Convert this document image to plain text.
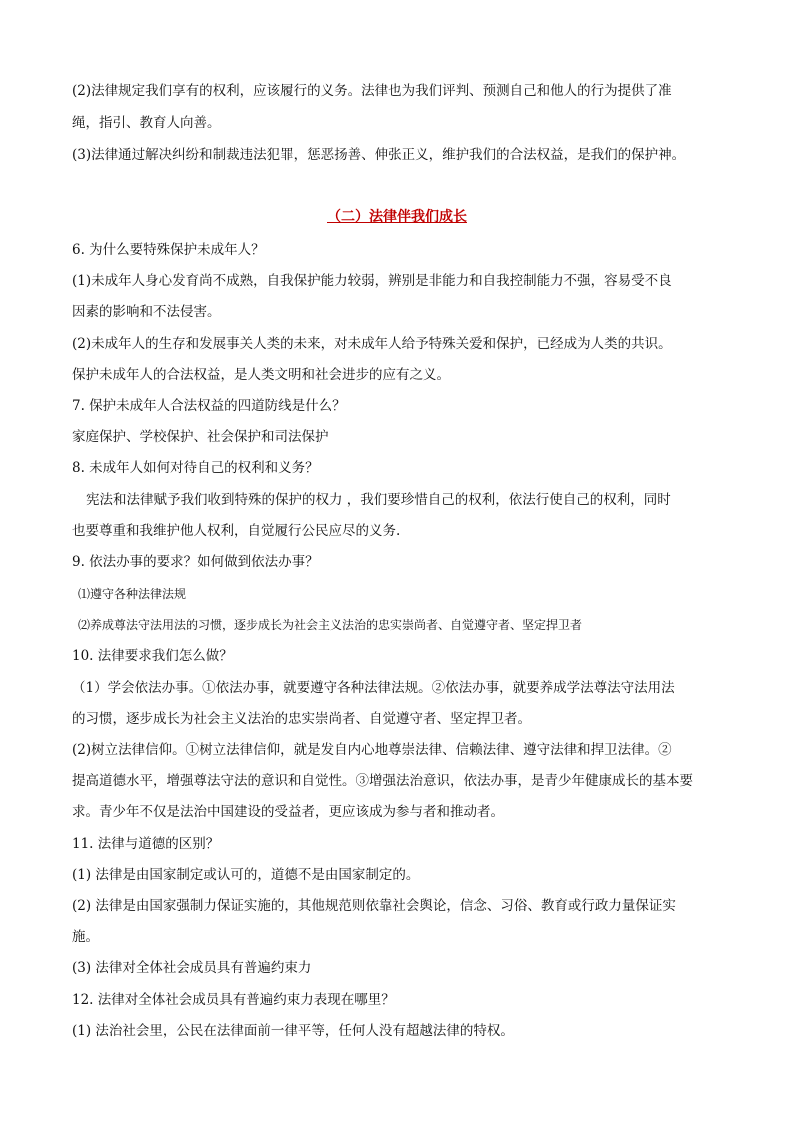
(2)法律规定我们享有的权利，应该履行的义务。法律也为我们评判、预测自己和他人的行为提供了准
绳，指引、教育人向善。
(3)法律通过解决纠纷和制裁违法犯罪，惩恶扬善、伸张正义，维护我们的合法权益，是我们的保护神。
（二）法律伴我们成长
6. 为什么要特殊保护未成年人？
(1)未成年人身心发育尚不成熟，自我保护能力较弱，辨别是非能力和自我控制能力不强，容易受不良
因素的影响和不法侵害。
(2)未成年人的生存和发展事关人类的未来，对未成年人给予特殊关爱和保护，已经成为人类的共识。
保护未成年人的合法权益，是人类文明和社会进步的应有之义。
7. 保护未成年人合法权益的四道防线是什么？
家庭保护、学校保护、社会保护和司法保护
8. 未成年人如何对待自己的权利和义务？
宪法和法律赋予我们收到特殊的保护的权力 ，我们要珍惜自己的权利，依法行使自己的权利，同时
也要尊重和我维护他人权利，自觉履行公民应尽的义务.
9. 依法办事的要求？如何做到依法办事？
⑴遵守各种法律法规
⑵养成尊法守法用法的习惯，逐步成长为社会主义法治的忠实崇尚者、自觉遵守者、坚定捍卫者
10. 法律要求我们怎么做？
（1）学会依法办事。①依法办事，就要遵守各种法律法规。②依法办事，就要养成学法尊法守法用法
的习惯，逐步成长为社会主义法治的忠实崇尚者、自觉遵守者、坚定捍卫者。
(2)树立法律信仰。①树立法律信仰，就是发自内心地尊崇法律、信赖法律、遵守法律和捍卫法律。②
提高道德水平，增强尊法守法的意识和自觉性。③增强法治意识，依法办事，是青少年健康成长的基本要
求。青少年不仅是法治中国建设的受益者，更应该成为参与者和推动者。
11. 法律与道德的区别？
(1) 法律是由国家制定或认可的，道德不是由国家制定的。
(2) 法律是由国家强制力保证实施的，其他规范则依靠社会舆论，信念、习俗、教育或行政力量保证实
施。
(3) 法律对全体社会成员具有普遍约束力
12. 法律对全体社会成员具有普遍约束力表现在哪里？
(1) 法治社会里，公民在法律面前一律平等，任何人没有超越法律的特权。
